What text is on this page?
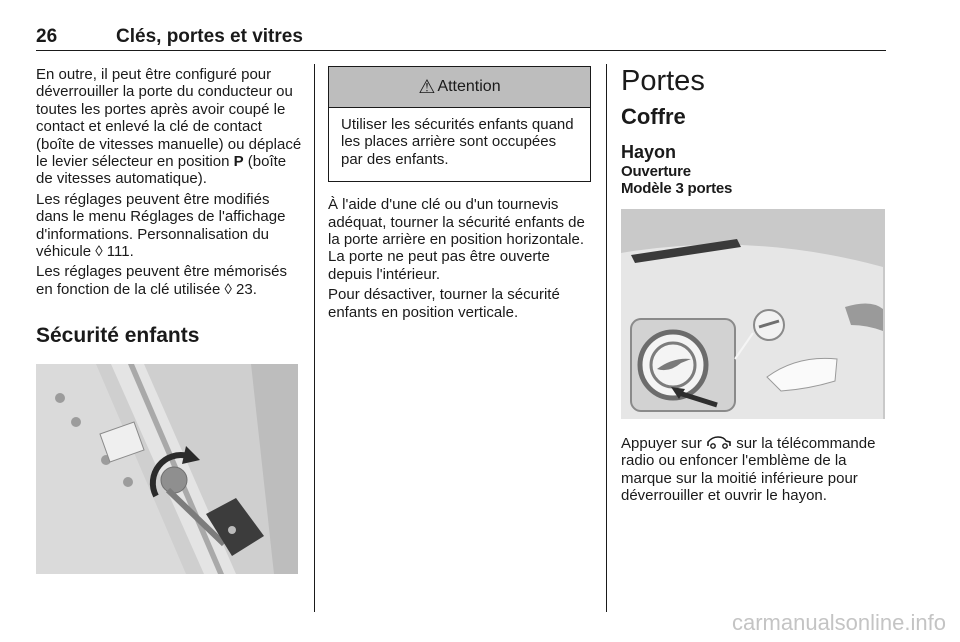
26	Clés, portes et vitres

En outre, il peut être configuré pour déverrouiller la porte du conducteur ou toutes les portes après avoir coupé le contact et enlevé la clé de contact (boîte de vitesses manuelle) ou déplacé le levier sélecteur en position P (boîte de vitesses automatique).

Les réglages peuvent être modifiés dans le menu Réglages de l'affichage d'informations. Personnalisation du véhicule ◊ 111.

Les réglages peuvent être mémorisés en fonction de la clé utilisée ◊ 23.

Sécurité enfants
⚠ Attention

Utiliser les sécurités enfants quand les places arrière sont occupées par des enfants.

À l'aide d'une clé ou d'un tournevis adéquat, tourner la sécurité enfants de la porte arrière en position horizontale. La porte ne peut pas être ouverte depuis l'intérieur.

Pour désactiver, tourner la sécurité enfants en position verticale.

Portes
Coffre
Hayon
Ouverture
Modèle 3 portes

Appuyer sur  sur la télécommande radio ou enfoncer l'emblème de la marque sur la moitié inférieure pour déverrouiller et ouvrir le hayon.

carmanualsonline.info
